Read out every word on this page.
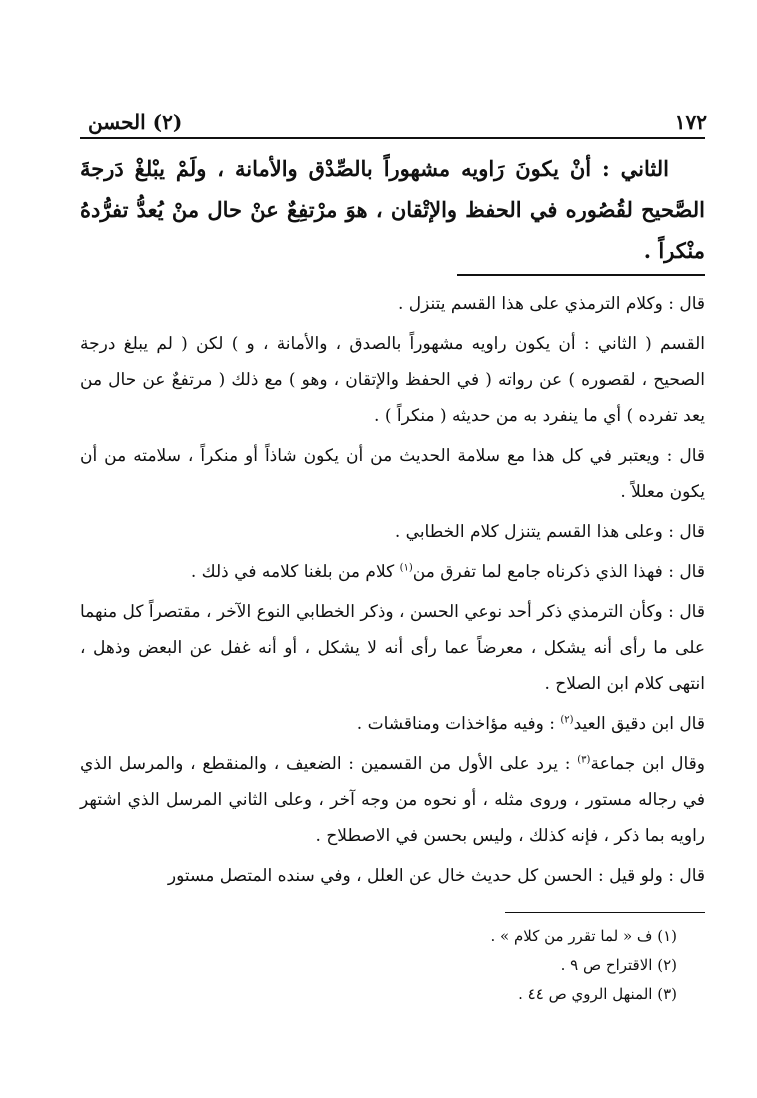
١٧٢
(٢) الحسن
الثاني : أنْ يكونَ رَاويه مشهوراً بالصِّدْق والأمانة ، ولَمْ يبْلغْ دَرجةَ الصَّحيح لقُصُوره في الحفظ والإتْقان ، هوَ مرْتفِعٌ عنْ حال منْ يُعدُّ تفرُّدهُ منْكراً .

قال : وكلام الترمذي على هذا القسم يتنزل .

القسم ( الثاني : أن يكون راويه مشهوراً بالصدق ، والأمانة ، و ) لكن ( لم يبلغ درجة الصحيح ، لقصوره ) عن رواته ( في الحفظ والإتقان ، وهو ) مع ذلك ( مرتفعٌ عن حال من يعد تفرده ) أي ما ينفرد به من حديثه ( منكراً ) .

قال : ويعتبر في كل هذا مع سلامة الحديث من أن يكون شاذاً أو منكراً ، سلامته من أن يكون معللاً .

قال : وعلى هذا القسم يتنزل كلام الخطابي .

قال : فهذا الذي ذكرناه جامع لما تفرق من$^{(١)}$ كلام من بلغنا كلامه في ذلك .

قال : وكأن الترمذي ذكر أحد نوعي الحسن ، وذكر الخطابي النوع الآخر ، مقتصراً كل منهما على ما رأى أنه يشكل ، معرضاً عما رأى أنه لا يشكل ، أو أنه غفل عن البعض وذهل ، انتهى كلام ابن الصلاح .

قال ابن دقيق العيد$^{(٢)}$ : وفيه مؤاخذات ومناقشات .

وقال ابن جماعة$^{(٣)}$ : يرد على الأول من القسمين : الضعيف ، والمنقطع ، والمرسل الذي في رجاله مستور ، وروى مثله ، أو نحوه من وجه آخر ، وعلى الثاني المرسل الذي اشتهر راويه بما ذكر ، فإنه كذلك ، وليس بحسن في الاصطلاح .

قال : ولو قيل : الحسن كل حديث خال عن العلل ، وفي سنده المتصل مستور

(١) ف « لما تقرر من كلام » .

(٢) الاقتراح ص ٩ .

(٣) المنهل الروي ص ٤٤ .
